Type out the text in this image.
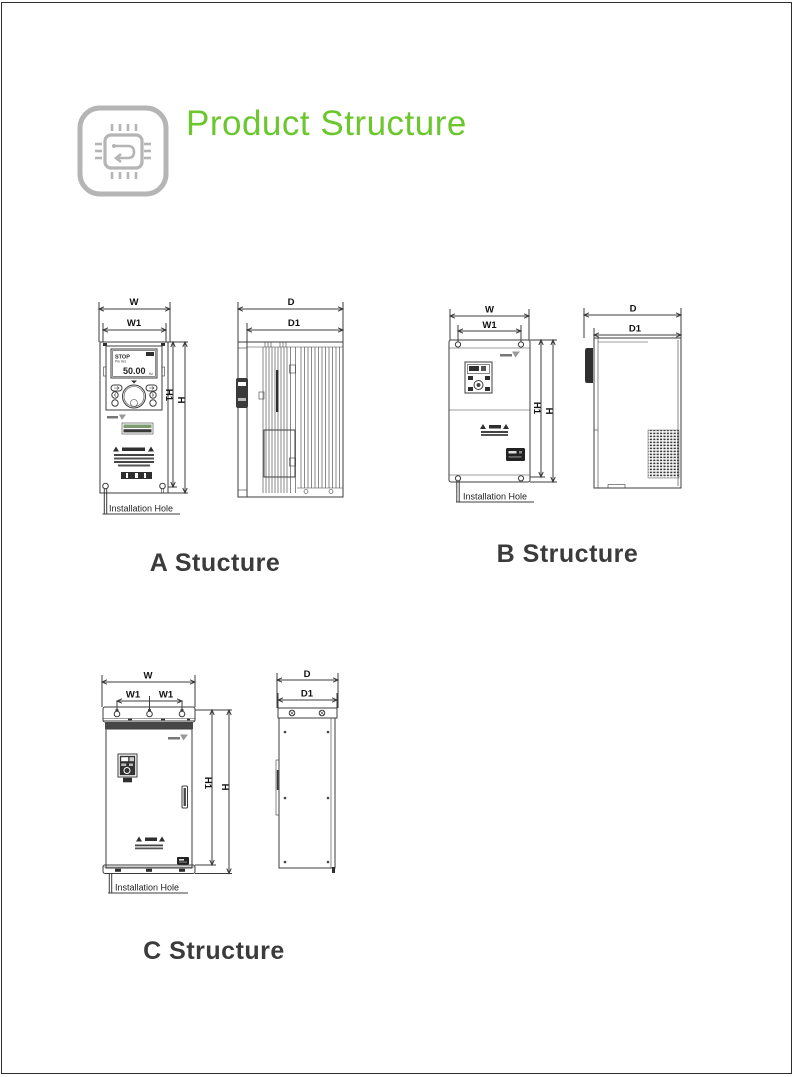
Product Structure
W
W1
STOP
Pre Set.
50.00 Hz
H1 H
Installation Hole
D
D1
W
W1
H1 H
Installation Hole
D
D1
W
W1 W1
H1 H
Installation Hole
D
D1
A Stucture	B Structure
C Structure
